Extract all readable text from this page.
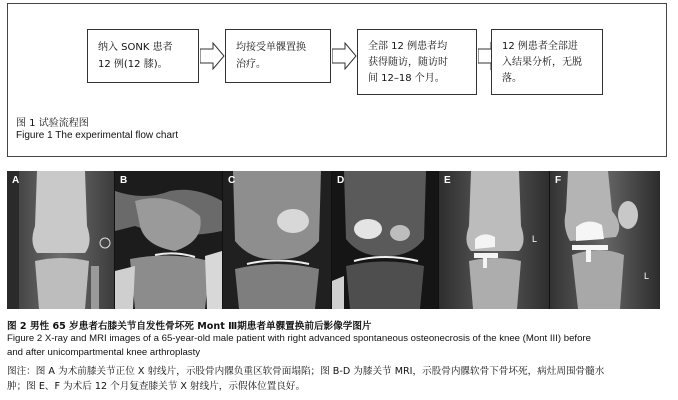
纳入 SONK 患者
12 例(12 膝)。
均接受单髁置换
治疗。
全部 12 例患者均
获得随访，随访时
间 12–18 个月。
12 例患者全部进
入结果分析，无脱
落。
图 1 试验流程图
Figure 1 The experimental flow chart
A	B	C	D	E
L
F
L
图 2 男性 65 岁患者右膝关节自发性骨坏死 Mont Ⅲ期患者单髁置换前后影像学图片
Figure 2 X-ray and MRI images of a 65-year-old male patient with right advanced spontaneous osteonecrosis of the knee (Mont III) before
and after unicompartmental knee arthroplasty
图注：图 A 为术前膝关节正位 X 射线片，示股骨内髁负重区软骨面塌陷；图 B-D 为膝关节 MRI，示股骨内髁软骨下骨坏死，病灶周围骨髓水
肿；图 E、F 为术后 12 个月复查膝关节 X 射线片，示假体位置良好。
